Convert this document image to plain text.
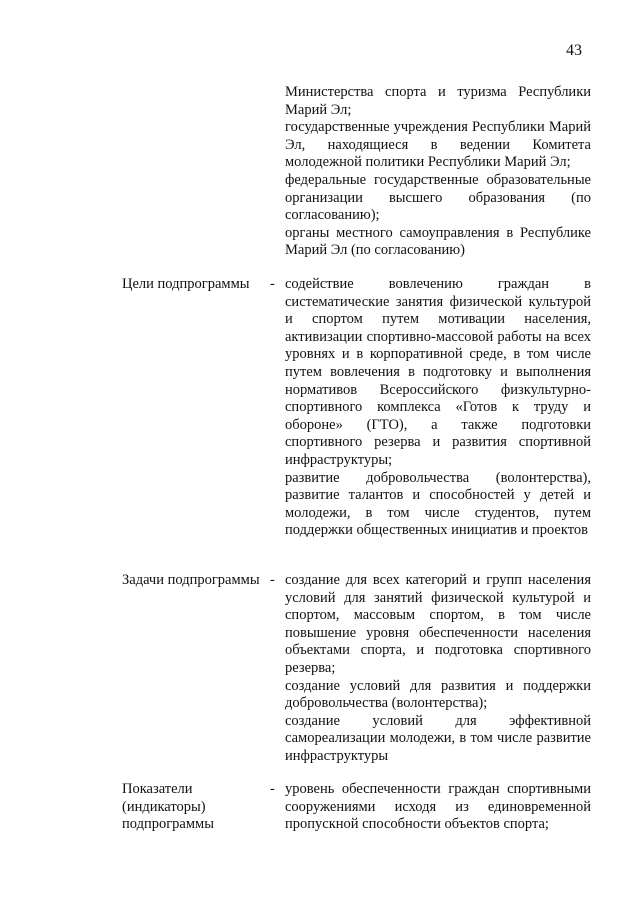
43

Министерства спорта и туризма Республики Марий Эл;

государственные учреждения Республики Марий Эл, находящиеся в ведении Комитета молодежной политики Республики Марий Эл;

федеральные государственные образовательные организации высшего образования (по согласованию);

органы местного самоуправления в Республике Марий Эл (по согласованию)

Цели подпрограммы	- содействие вовлечению граждан в систематические занятия физической культурой и спортом путем мотивации населения, активизации спортивно-массовой работы на всех уровнях и в корпоративной среде, в том числе путем вовлечения в подготовку и выполнения нормативов Всероссийского физкультурно-спортивного комплекса «Готов к труду и обороне» (ГТО), а также подготовки спортивного резерва и развития спортивной инфраструктуры;

развитие добровольчества (волонтерства), развитие талантов и способностей у детей и молодежи, в том числе студентов, путем поддержки общественных инициатив и проектов

Задачи подпрограммы - создание для всех категорий и групп населения условий для занятий физической культурой и спортом, массовым спортом, в том числе повышение уровня обеспеченности населения объектами спорта, и подготовка спортивного резерва;

создание условий для развития и поддержки добровольчества (волонтерства);

создание условий для эффективной самореализации молодежи, в том числе развитие инфраструктуры

Показатели (индикаторы) подпрограммы
- уровень обеспеченности граждан спортивными сооружениями исходя из единовременной пропускной способности объектов спорта;
